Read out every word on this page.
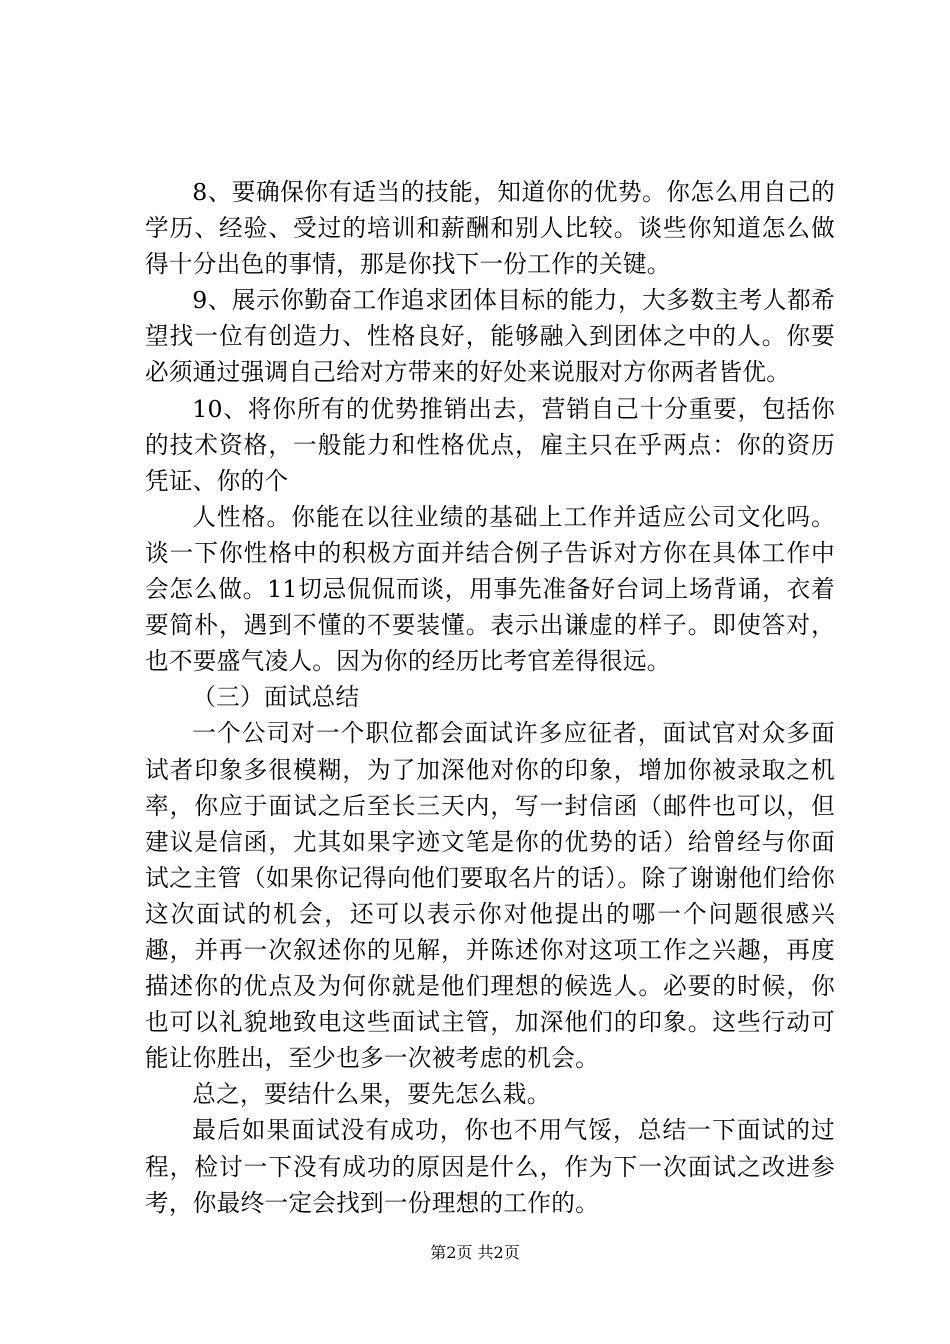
8、要确保你有适当的技能，知道你的优势。你怎么用自己的学历、经验、受过的培训和薪酬和别人比较。谈些你知道怎么做得十分出色的事情，那是你找下一份工作的关键。

9、展示你勤奋工作追求团体目标的能力，大多数主考人都希望找一位有创造力、性格良好，能够融入到团体之中的人。你要必须通过强调自己给对方带来的好处来说服对方你两者皆优。

10、将你所有的优势推销出去，营销自己十分重要，包括你的技术资格，一般能力和性格优点，雇主只在乎两点：你的资历凭证、你的个

人性格。你能在以往业绩的基础上工作并适应公司文化吗。谈一下你性格中的积极方面并结合例子告诉对方你在具体工作中会怎么做。11切忌侃侃而谈，用事先准备好台词上场背诵，衣着要简朴，遇到不懂的不要装懂。表示出谦虚的样子。即使答对，也不要盛气凌人。因为你的经历比考官差得很远。

（三）面试总结

一个公司对一个职位都会面试许多应征者，面试官对众多面试者印象多很模糊，为了加深他对你的印象，增加你被录取之机率，你应于面试之后至长三天内，写一封信函（邮件也可以，但建议是信函，尤其如果字迹文笔是你的优势的话）给曾经与你面试之主管（如果你记得向他们要取名片的话）。除了谢谢他们给你这次面试的机会，还可以表示你对他提出的哪一个问题很感兴趣，并再一次叙述你的见解，并陈述你对这项工作之兴趣，再度描述你的优点及为何你就是他们理想的候选人。必要的时候，你也可以礼貌地致电这些面试主管，加深他们的印象。这些行动可能让你胜出，至少也多一次被考虑的机会。

总之，要结什么果，要先怎么栽。

最后如果面试没有成功，你也不用气馁，总结一下面试的过程，检讨一下没有成功的原因是什么，作为下一次面试之改进参考，你最终一定会找到一份理想的工作的。

第2页 共2页
